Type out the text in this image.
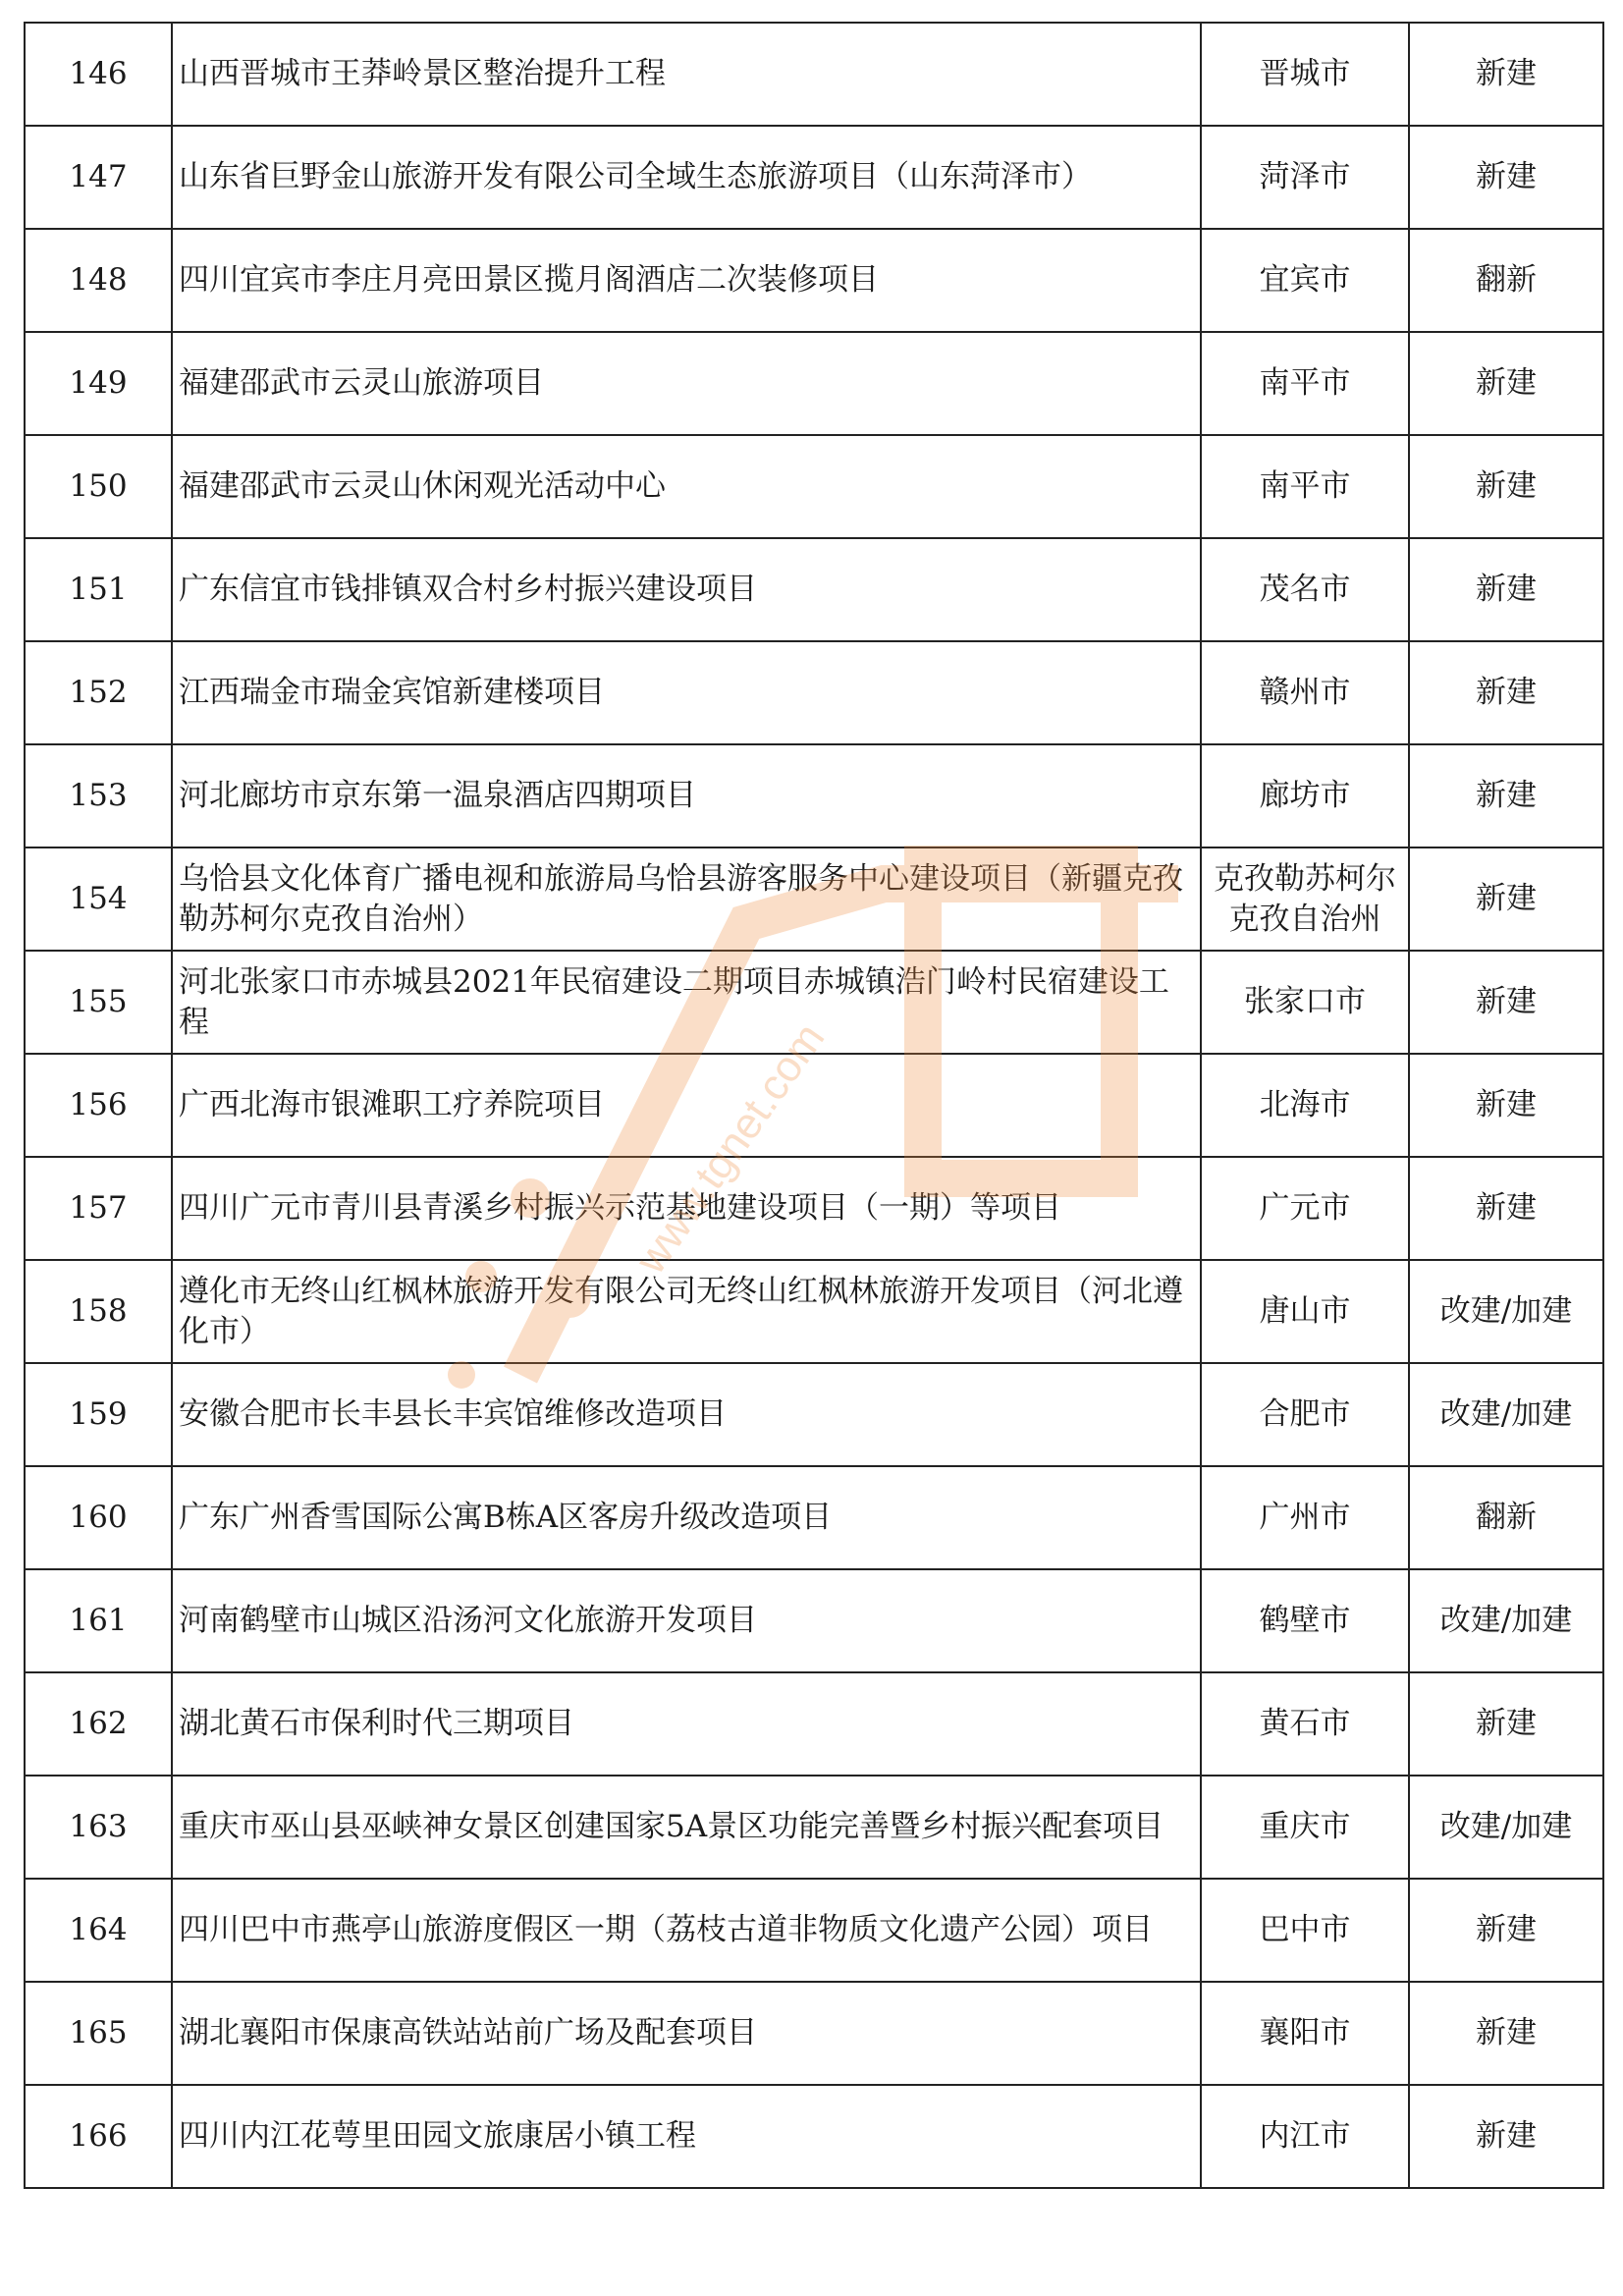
146	山西晋城市王莽岭景区整治提升工程	晋城市	新建
147	山东省巨野金山旅游开发有限公司全域生态旅游项目（山东菏泽市）	菏泽市	新建
148	四川宜宾市李庄月亮田景区揽月阁酒店二次装修项目	宜宾市	翻新
149	福建邵武市云灵山旅游项目	南平市	新建
150	福建邵武市云灵山休闲观光活动中心	南平市	新建
151	广东信宜市钱排镇双合村乡村振兴建设项目	茂名市	新建
152	江西瑞金市瑞金宾馆新建楼项目	赣州市	新建
153	河北廊坊市京东第一温泉酒店四期项目	廊坊市	新建
154	乌恰县文化体育广播电视和旅游局乌恰县游客服务中心建设项目（新疆克孜勒苏柯尔克孜自治州）	克孜勒苏柯尔克孜自治州	新建
155	河北张家口市赤城县2021年民宿建设二期项目赤城镇浩门岭村民宿建设工程	张家口市	新建
156	广西北海市银滩职工疗养院项目	北海市	新建
157	四川广元市青川县青溪乡村振兴示范基地建设项目（一期）等项目	广元市	新建
158	遵化市无终山红枫林旅游开发有限公司无终山红枫林旅游开发项目（河北遵化市）	唐山市	改建/加建
159	安徽合肥市长丰县长丰宾馆维修改造项目	合肥市	改建/加建
160	广东广州香雪国际公寓B栋A区客房升级改造项目	广州市	翻新
161	河南鹤壁市山城区沿汤河文化旅游开发项目	鹤壁市	改建/加建
162	湖北黄石市保利时代三期项目	黄石市	新建
163	重庆市巫山县巫峡神女景区创建国家5A景区功能完善暨乡村振兴配套项目	重庆市	改建/加建
164	四川巴中市燕亭山旅游度假区一期（荔枝古道非物质文化遗产公园）项目	巴中市	新建
165	湖北襄阳市保康高铁站站前广场及配套项目	襄阳市	新建
166	四川内江花萼里田园文旅康居小镇工程	内江市	新建
www.tgnet.com
